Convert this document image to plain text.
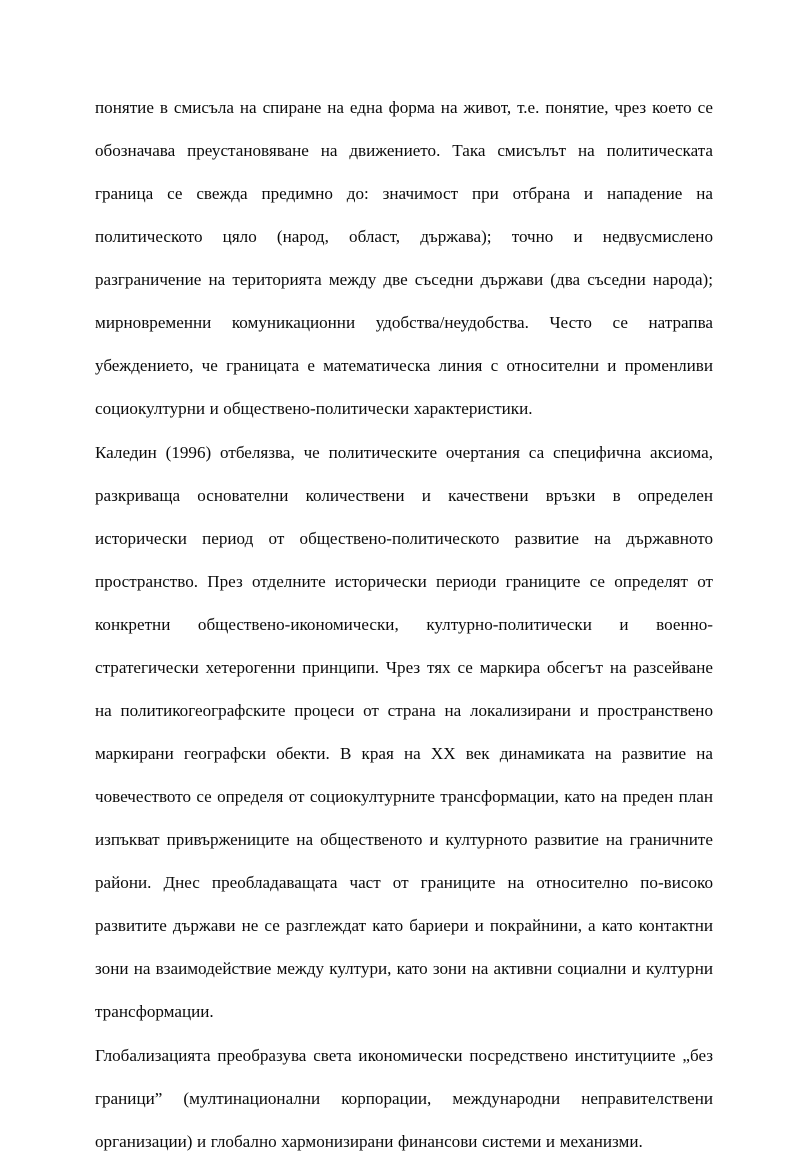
понятие в смисъла на спиране на една форма на живот, т.е. понятие, чрез което се обозначава преустановяване на движението. Така смисълът на политическата граница се свежда предимно до: значимост при отбрана и нападение на политическото цяло (народ, област, държава); точно и недвусмислено разграничение на територията между две съседни държави (два съседни народа); мирновременни комуникационни удобства/неудобства. Често се натрапва убеждението, че границата е математическа линия с относителни и променливи социокултурни и обществено-политически характеристики.

Каледин (1996) отбелязва, че политическите очертания са специфична аксиома, разкриваща основателни количествени и качествени връзки в определен исторически период от обществено-политическото развитие на държавното пространство. През отделните исторически периоди границите се определят от конкретни обществено-икономически, културно-политически и военно-стратегически хетерогенни принципи. Чрез тях се маркира обсегът на разсейване на политикогеографските процеси от страна на локализирани и пространствено маркирани географски обекти. В края на ХХ век динамиката на развитие на човечеството се определя от социокултурните трансформации, като на преден план изпъкват привържениците на общественото и културното развитие на граничните райони. Днес преобладаващата част от границите на относително по-високо развитите държави не се разглеждат като бариери и покрайнини, а като контактни зони на взаимодействие между култури, като зони на активни социални и културни трансформации.

Глобализацията преобразува света икономически посредствено институциите „без граници” (мултинационални корпорации, международни неправителствени организации) и глобално хармонизирани финансови системи и механизми.
